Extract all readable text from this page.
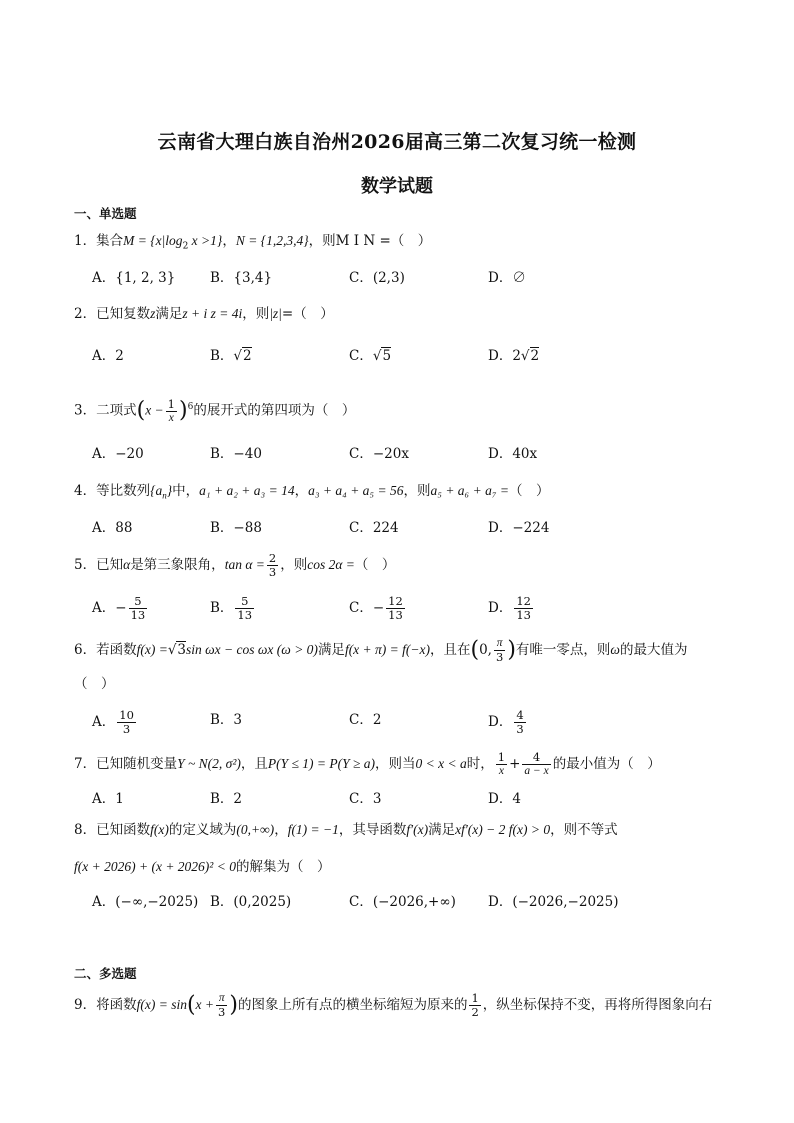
云南省大理白族自治州2026届高三第二次复习统一检测
数学试题
一、单选题
1．集合$M = \{x|\log_2$ x >1}，N = {1,2,3,4}，则M I N =（　）
A．{1, 2, 3}	B．{3,4}	C．(2,3)	D．∅
2．已知复数z满足z + i z = 4i，则|z|=（　）
A．2	B．√2	C．√5	D．2√2
3．二项式$(x - \frac{1}{x} )^6$的展开式的第四项为（　）
A．−20	B．−40	C．−20x	D．40x
4．等比数列$\{a_n\}$中，a₁ + a₂ + a₃ = 14，a₃ + a₄ + a₅ = 56，则a₅ + a₆ + a₇ =（　）
A．88	B．−88	C．224	D．−224
5．已知α是第三象限角，$\tan \alpha = \frac{2}{3}$ ，则cos 2α =（　）
A．− $\frac{5}{13}$	B． $\frac{5}{13}$	C．− $\frac{12}{13}$	D． $\frac{12}{13}$
6．若函数f(x) =√3sin ωx − cos ωx (ω > 0)满足f(x + π) = f(−x)，且在(0, $\frac{\pi}{3}$ )有唯一零点，则ω的最大值为
（　）
A． $\frac{10}{3}$	B．3	C．2	D． $\frac{4}{3}$
7．已知随机变量Y ~ N(2, σ²)，且P(Y ≤ 1) = P(Y ≥ a)，则当0 < x < a时， $\frac{1}{x} + \frac{4}{a - x}$ 的最小值为（　）
A．1	B．2	C．3	D．4
8．已知函数f(x)的定义域为(0,+∞)，f(1) = −1，其导函数f′(x)满足xf′(x) − 2 f(x) > 0，则不等式
f(x + 2026) + (x + 2026)² < 0的解集为（　）
A．(−∞,−2025) B．(0,2025)	C．(−2026,+∞) D．(−2026,−2025)
二、多选题
9．将函数$f(x) = \sin(x + \frac{\pi}{3}$ )的图象上所有点的横坐标缩短为原来的 $\frac{1}{2}$ ，纵坐标保持不变，再将所得图象向右
